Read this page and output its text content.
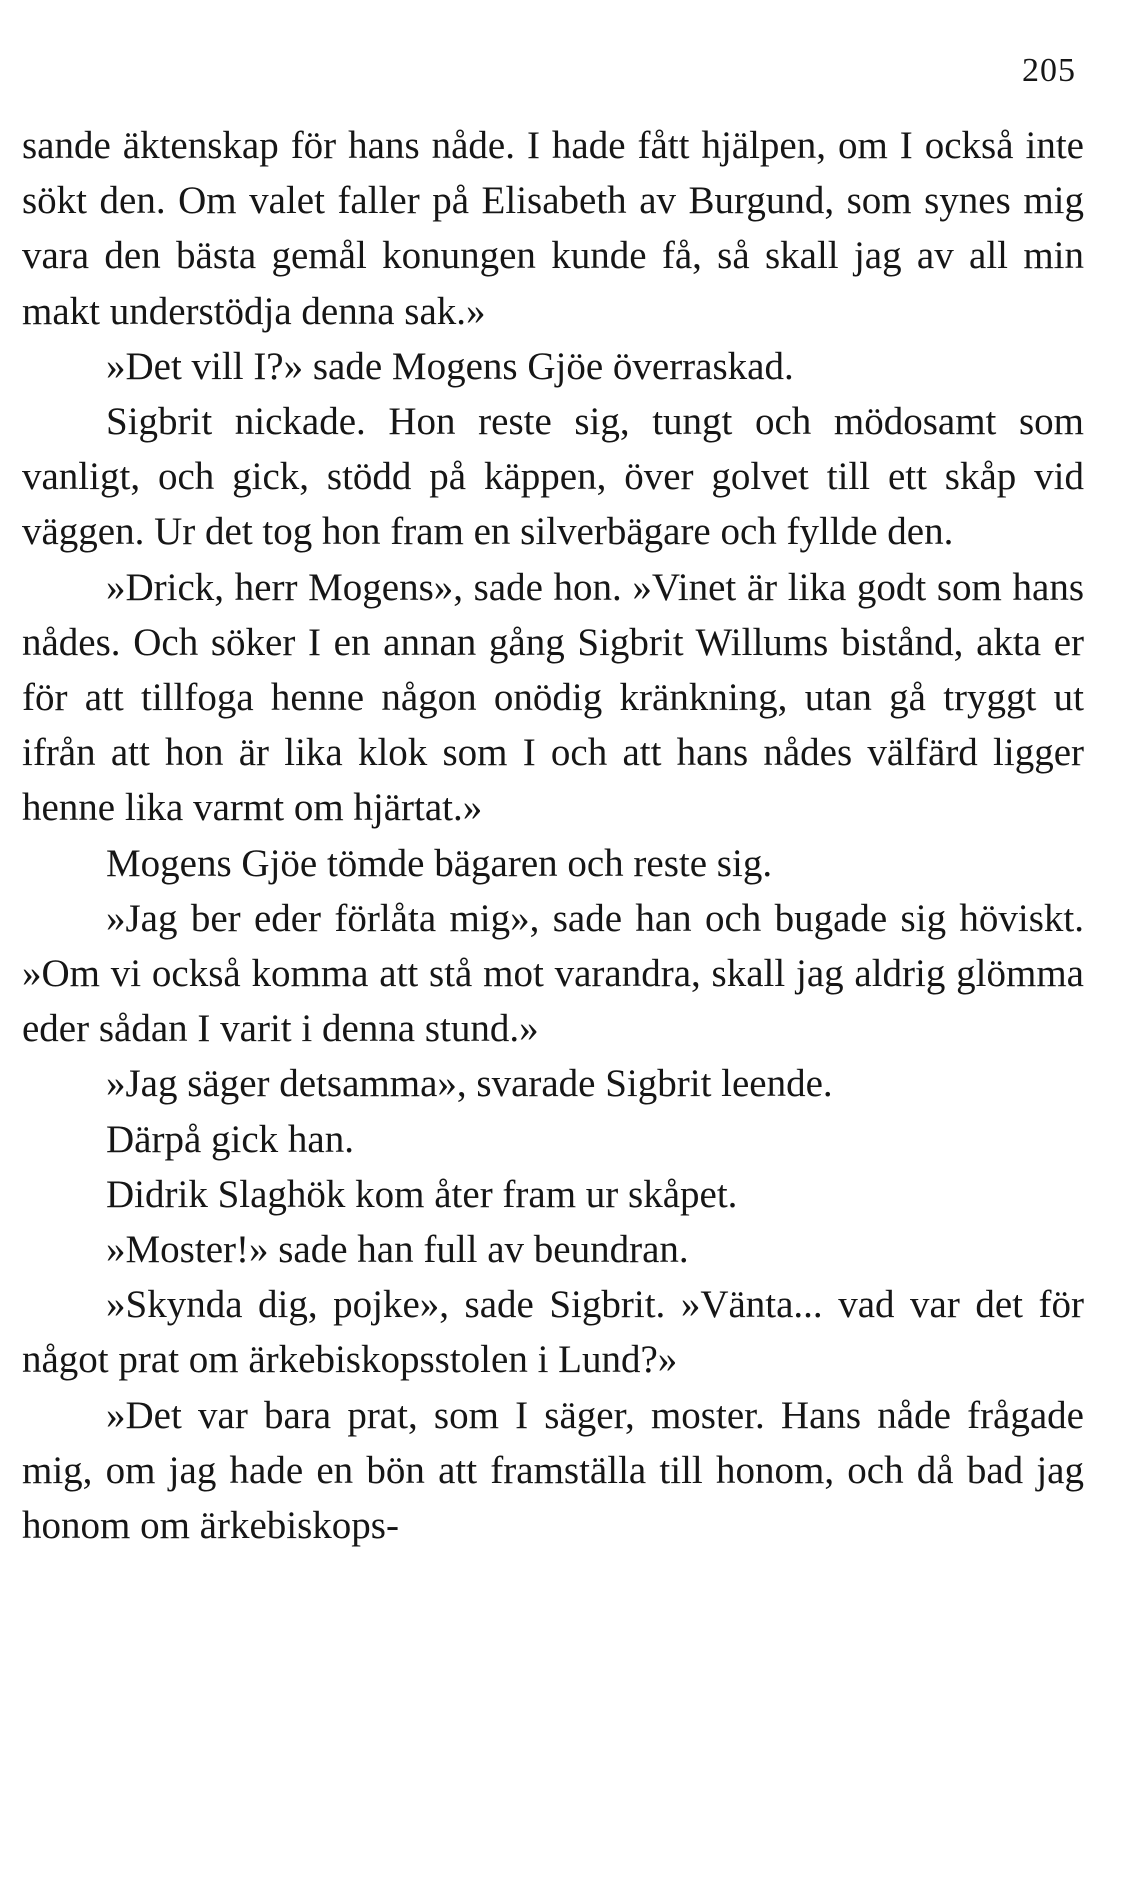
205

sande äktenskap för hans nåde. I hade fått hjälpen, om I också inte sökt den. Om valet faller på Elisabeth av Burgund, som synes mig vara den bästa gemål konungen kunde få, så skall jag av all min makt understödja denna sak.»

»Det vill I?» sade Mogens Gjöe överraskad.

Sigbrit nickade. Hon reste sig, tungt och mödosamt som vanligt, och gick, stödd på käppen, över golvet till ett skåp vid väggen. Ur det tog hon fram en silverbägare och fyllde den.

»Drick, herr Mogens», sade hon. »Vinet är lika godt som hans nådes. Och söker I en annan gång Sigbrit Willums bistånd, akta er för att tillfoga henne någon onödig kränkning, utan gå tryggt ut ifrån att hon är lika klok som I och att hans nådes välfärd ligger henne lika varmt om hjärtat.»

Mogens Gjöe tömde bägaren och reste sig.

»Jag ber eder förlåta mig», sade han och bugade sig höviskt. »Om vi också komma att stå mot varandra, skall jag aldrig glömma eder sådan I varit i denna stund.»

»Jag säger detsamma», svarade Sigbrit leende.

Därpå gick han.

Didrik Slaghök kom åter fram ur skåpet.

»Moster!» sade han full av beundran.

»Skynda dig, pojke», sade Sigbrit. »Vänta... vad var det för något prat om ärkebiskopsstolen i Lund?»

»Det var bara prat, som I säger, moster. Hans nåde frågade mig, om jag hade en bön att framställa till honom, och då bad jag honom om ärkebiskops-
